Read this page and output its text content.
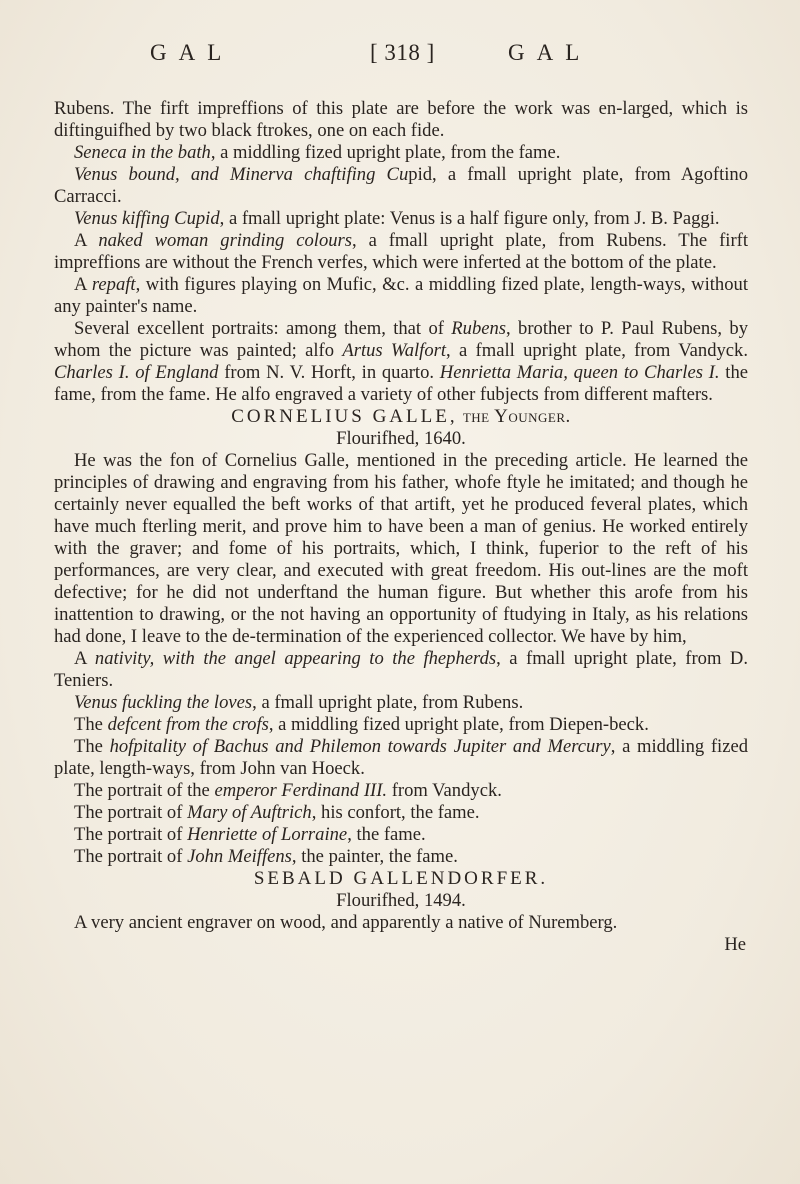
GAL	[ 318 ]	GAL

Rubens. The firft impreffions of this plate are before the work was en-larged, which is diftinguifhed by two black ftrokes, one on each fide.

Seneca in the bath, a middling fized upright plate, from the fame.

Venus bound, and Minerva chaftifing Cupid, a fmall upright plate, from Agoftino Carracci.

Venus kiffing Cupid, a fmall upright plate: Venus is a half figure only, from J. B. Paggi.

A naked woman grinding colours, a fmall upright plate, from Rubens. The firft impreffions are without the French verfes, which were inferted at the bottom of the plate.

A repaft, with figures playing on Mufic, &c. a middling fized plate, length-ways, without any painter's name.

Several excellent portraits: among them, that of Rubens, brother to P. Paul Rubens, by whom the picture was painted; alfo Artus Walfort, a fmall upright plate, from Vandyck. Charles I. of England from N. V. Horft, in quarto. Henrietta Maria, queen to Charles I. the fame, from the fame. He alfo engraved a variety of other fubjects from different mafters.

CORNELIUS GALLE, the Younger.

Flourifhed, 1640.

He was the fon of Cornelius Galle, mentioned in the preceding article. He learned the principles of drawing and engraving from his father, whofe ftyle he imitated; and though he certainly never equalled the beft works of that artift, yet he produced feveral plates, which have much fterling merit, and prove him to have been a man of genius. He worked entirely with the graver; and fome of his portraits, which, I think, fuperior to the reft of his performances, are very clear, and executed with great freedom. His out-lines are the moft defective; for he did not underftand the human figure. But whether this arofe from his inattention to drawing, or the not having an opportunity of ftudying in Italy, as his relations had done, I leave to the de-termination of the experienced collector. We have by him,

A nativity, with the angel appearing to the fhepherds, a fmall upright plate, from D. Teniers.

Venus fuckling the loves, a fmall upright plate, from Rubens.

The defcent from the crofs, a middling fized upright plate, from Diepen-beck.

The hofpitality of Bachus and Philemon towards Jupiter and Mercury, a middling fized plate, length-ways, from John van Hoeck.

The portrait of the emperor Ferdinand III. from Vandyck.

The portrait of Mary of Auftrich, his confort, the fame.

The portrait of Henriette of Lorraine, the fame.

The portrait of John Meiffens, the painter, the fame.

SEBALD GALLENDORFER.

Flourifhed, 1494.

A very ancient engraver on wood, and apparently a native of Nuremberg.

He
